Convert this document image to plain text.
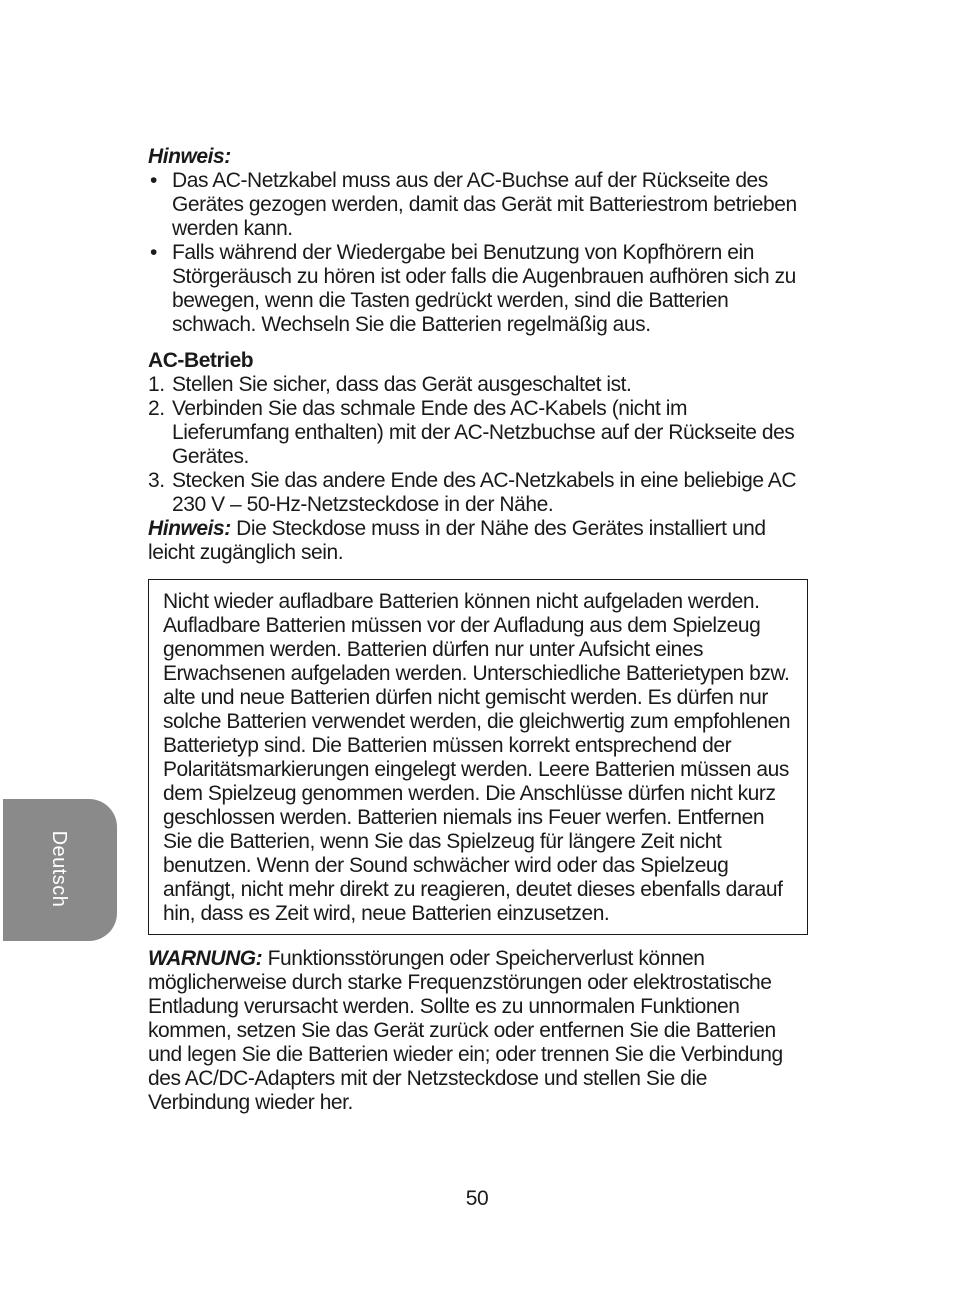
Hinweis:
• Das AC-Netzkabel muss aus der AC-Buchse auf der Rückseite des Gerätes gezogen werden, damit das Gerät mit Batteriestrom betrieben werden kann.
• Falls während der Wiedergabe bei Benutzung von Kopfhörern ein Störgeräusch zu hören ist oder falls die Augenbrauen aufhören sich zu bewegen, wenn die Tasten gedrückt werden, sind die Batterien schwach. Wechseln Sie die Batterien regelmäßig aus.
AC-Betrieb
1. Stellen Sie sicher, dass das Gerät ausgeschaltet ist.
2. Verbinden Sie das schmale Ende des AC-Kabels (nicht im Lieferumfang enthalten) mit der AC-Netzbuchse auf der Rückseite des Gerätes.
3. Stecken Sie das andere Ende des AC-Netzkabels in eine beliebige AC 230 V – 50-Hz-Netzsteckdose in der Nähe.

Hinweis: Die Steckdose muss in der Nähe des Gerätes installiert und leicht zugänglich sein.

Nicht wieder aufladbare Batterien können nicht aufgeladen werden. Aufladbare Batterien müssen vor der Aufladung aus dem Spielzeug genommen werden. Batterien dürfen nur unter Aufsicht eines Erwachsenen aufgeladen werden. Unterschiedliche Batterietypen bzw. alte und neue Batterien dürfen nicht gemischt werden. Es dürfen nur solche Batterien verwendet werden, die gleichwertig zum empfohlenen Batterietyp sind. Die Batterien müssen korrekt entsprechend der Polaritätsmarkierungen eingelegt werden. Leere Batterien müssen aus dem Spielzeug genommen werden. Die Anschlüsse dürfen nicht kurz geschlossen werden. Batterien niemals ins Feuer werfen. Entfernen Sie die Batterien, wenn Sie das Spielzeug für längere Zeit nicht benutzen. Wenn der Sound schwächer wird oder das Spielzeug anfängt, nicht mehr direkt zu reagieren, deutet dieses ebenfalls darauf hin, dass es Zeit wird, neue Batterien einzusetzen.

WARNUNG: Funktionsstörungen oder Speicherverlust können möglicherweise durch starke Frequenzstörungen oder elektrostatische Entladung verursacht werden. Sollte es zu unnormalen Funktionen kommen, setzen Sie das Gerät zurück oder entfernen Sie die Batterien und legen Sie die Batterien wieder ein; oder trennen Sie die Verbindung des AC/DC-Adapters mit der Netzsteckdose und stellen Sie die Verbindung wieder her.

50
Deutsch
